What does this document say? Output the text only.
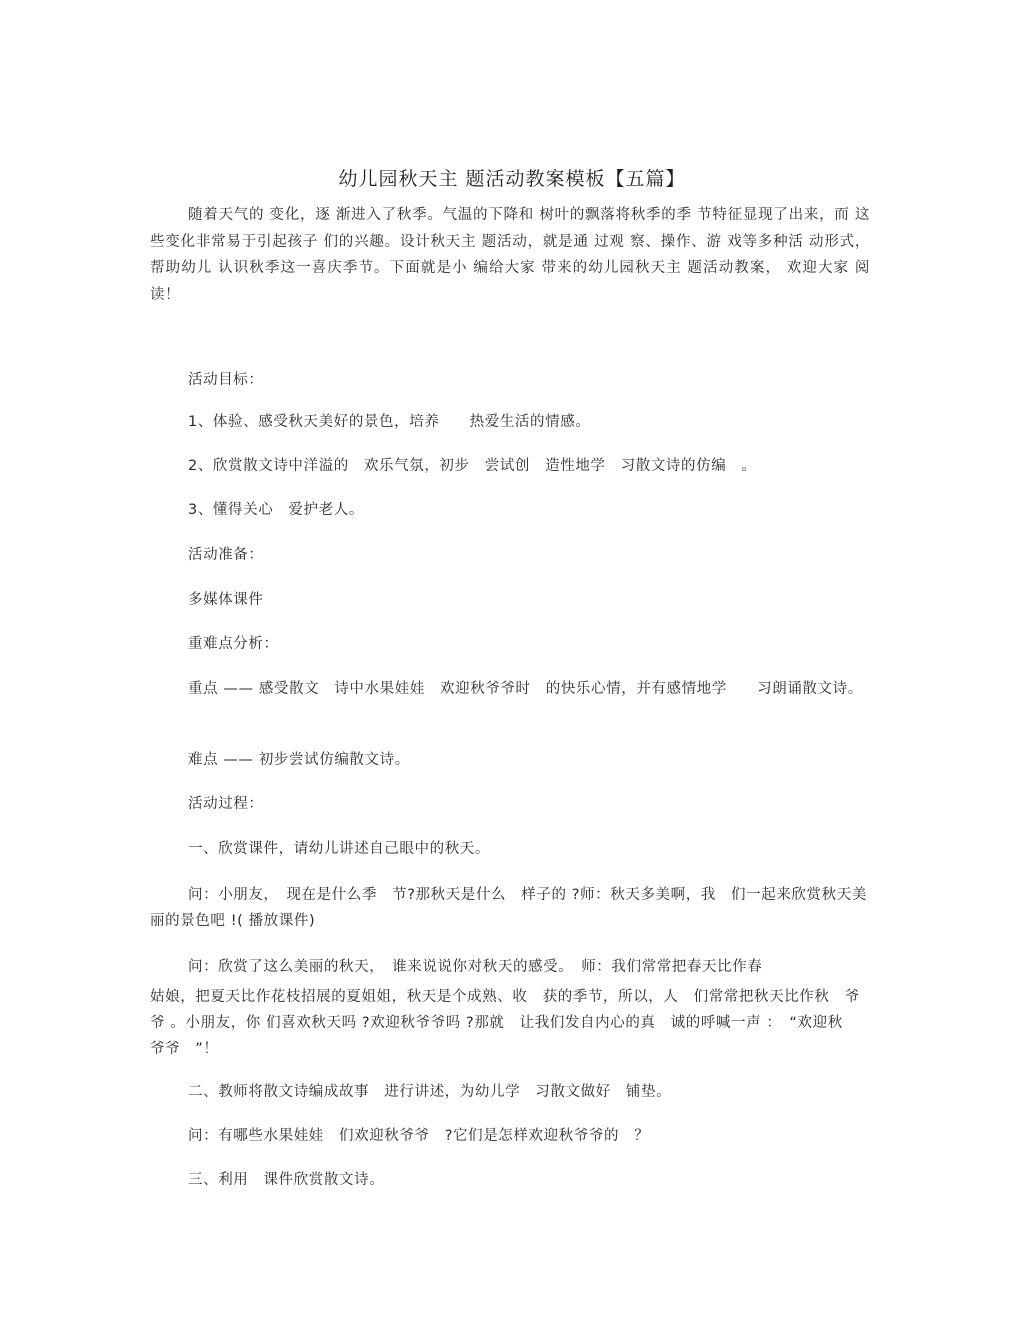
幼儿园秋天主 题活动教案模板【五篇】
随着天气的 变化，逐 渐进入了秋季。气温的下降和 树叶的飘落将秋季的季 节特征显现了出来，而 这些变化非常易于引起孩子 们的兴趣。设计秋天主 题活动，就是通 过观 察、操作、游 戏等多种活 动形式，帮助幼儿 认识秋季这一喜庆季节。下面就是小 编给大家 带来的幼儿园秋天主 题活动教案， 欢迎大家 阅读！
活动目标：
1、体验、感受秋天美好的景色，培养　　热爱生活的情感。
2、欣赏散文诗中洋溢的　欢乐气氛，初步　尝试创　造性地学　习散文诗的仿编　。
3、懂得关心　爱护老人。
活动准备：
多媒体课件
重难点分析：
重点 —— 感受散文　诗中水果娃娃　欢迎秋爷爷时　的快乐心情，并有感情地学　　习朗诵散文诗。
难点 —— 初步尝试仿编散文诗。
活动过程：
一、欣赏课件，请幼儿讲述自己眼中的秋天。
问：小朋友，　现在是什么季　节?那秋天是什么　样子的 ?师：秋天多美啊，我　们一起来欣赏秋天美　丽的景色吧 !( 播放课件)
问：欣赏了这么美丽的秋天，　谁来说说你对秋天的感受。　师：我们常常把春天比作春
姑娘，把夏天比作花枝招展的夏姐姐，秋天是个成熟、收　获的季节，所以，人　们常常把秋天比作秋　爷爷 。小朋友，你 们喜欢秋天吗 ?欢迎秋爷爷吗 ?那就　让我们发自内心的真　诚的呼喊一声 ：　“欢迎秋　爷爷　”！
二、教师将散文诗编成故事　进行讲述，为幼儿学　习散文做好　铺垫。
问：有哪些水果娃娃　们欢迎秋爷爷　?它们是怎样欢迎秋爷爷的　？
三、利用　课件欣赏散文诗。
